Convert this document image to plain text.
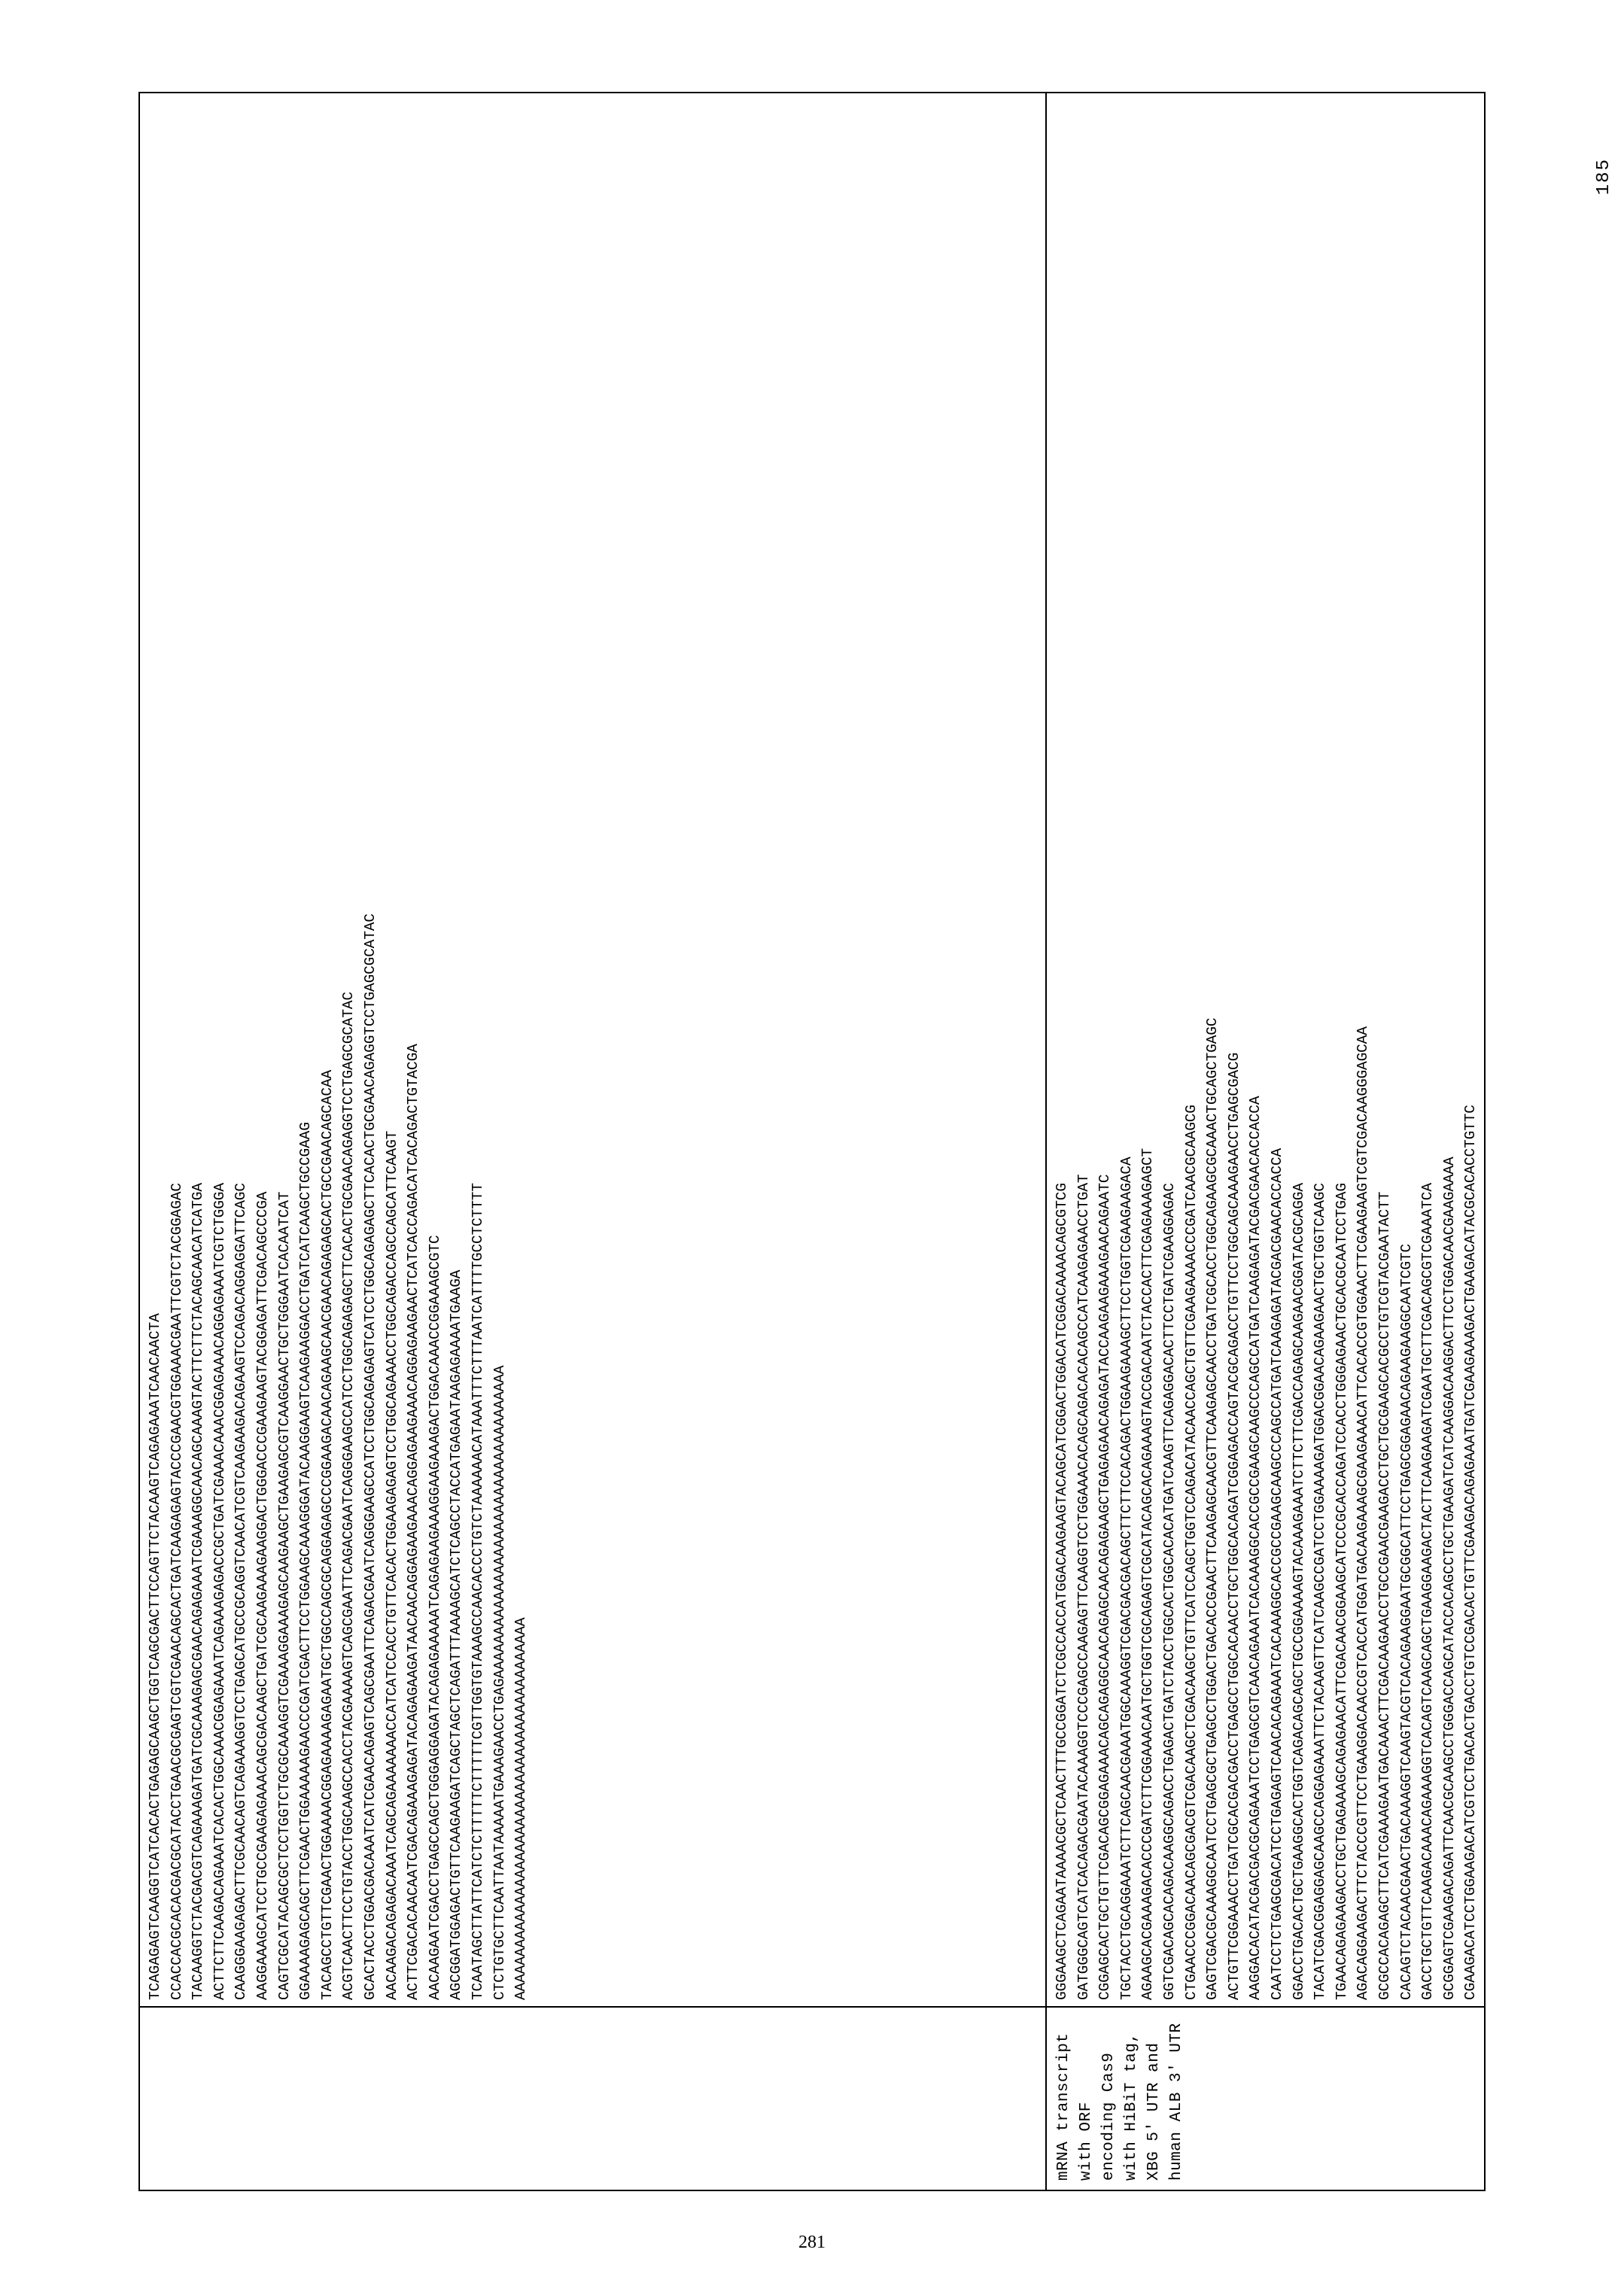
TCAGAGAGTCAAGGTCATCACACTGAGAGCAAGCTGGTCAGCGACTTCCAGTTCTACAAGTCAGAGAAATCAACAACTA CCACCACGCACACGACGCATACCTGAACGCGAGTCGTCGAACAGCACTGATCAAGAGAGTACCCGAACGTGGAAACGAATTCGTCTACGGAGAC TACAAGGTCTACGACGTCAGAAAGATGATCGCAAAGAGCGAACAGAGAAATCGAAAGGCAACAGCAAAGTACTTCTTCTACAGCAACATCATGA ACTTCTTCAAGACAGAAATCACACTGGCAAACGGAGAAATCAGAAAGAGACCGCTGATCGAAACAAACGGAGAAACAGGAGAAATCGTCTGGGA CAAGGGAAGAGACTTCGCAACAGTCAGAAAGGTCCTGAGCATGCCGCAGGTCAACATCGTCAAGAAGACAGAAGTCCAGACAGGAGGATTCAGC AAGGAAAGCATCCTGCCGAAGAGAAACAGCGACAAGCTGATCGCAAGAAAGAAGGACTGGGACCCGAAGAAGTACGGAGATTCGACAGCCCGA CAGTCGCATACAGCGCTCCTGGTCTGCGCAAAGGTCGAAAGGAAAGAGCAAGAAGCTGAAGAGCGTCAAGGAACTGCTGGGAATCACAATCAT GGAAAAGAGCAGCTTCGAACTGGAAAAAGAACCCGATCGACTTCCTGGAAGCAAAGGGATACAAGGAAGTCAAGAAGGACCTGATCATCAAGCTGCCGAAG TACAGCCTGTTCGAACTGGAAAACGGAGAAAAGAGAATGCTGGCCAGCGCAGGAGAGCCCGGAAGACAACAGAAGCAACGAACAGAGAGCACTGCCGAACAGCACAA ACGTCAACTTCCTGTACCTGGCAAGCCACCTACGAAAAGTCAGCGAATTCAGACGAATCAGGGAAGCCATCCTGGCAGAGAGCTTCACACTGCGAACAGAGGTCCTGAGCGCATAC GCACTACCTGGACGACAAATCATCGAACAGAGTCAGCGAATTCAGACGAATCAGGGAAGCCATCCTGGCAGAGAGTCATCCTGGCAGAGAGCTTCACACTGCGAACAGAGGTCCTGAGCGCATAC AACAAGACAGAGACAAATCAGCAGAAAAAAACCATCATCCACCTGTTCACACTGGAAGAGAGTCCTGGCAGAAACCTGGCAGACCAGCCAGCATTCAAGT ACTTCGACACAACAATCGACAGAAAGAGATACAGAGAAGATAACAACAGGAGAAGAAACAGGAGAAGAAACAGGAGAAGAACTCATCACCAGACATCACAGACTGTACGA AACAAGAATCGACCTGAGCCAGCTGGGAGGAGATACAGAGAAAAATCAGAGAAGAAAGGAAGAAAGACTGGACAAACCGGAAAGCGTC AGCGGATGGAGACTGTTCAAGAAGATCAGCTAGCTCAGATTTAAAAGCATCTCAGCCTACCATGAGAATAAGAGAAAATGAAGA TCAATAGCTTATTCATCTCTTTTTCTTTTTCGTTGGTGTAAAGCCAACACCCTGTCTAAAAAACATAAATTTCTTTAATCATTTTGCCTCTTTT CTCTGTGCTTCAATTAATAAAAATGAAAGAACCTGAGAAAAAAAAAAAAAAAAAAAAAAAAAAAAAAAAAAAA AAAAAAAAAAAAAAAAAAAAAAAAAAAAAAAAAAAAAAAAAAAA
mRNA transcript with ORF encoding Cas9 with HiBiT tag, XBG 5' UTR and human ALB 3' UTR
GGGAAGCTCAGAATAAAACGCTCAACTTTGCCGGATCTCGCCACCATGGACAAGAAGTACAGCATCGGACTGGACATCGGACAAAACAGCGTCG GATGGGCAGTCATCACAGACGAATACAAAGGTCCCGAGCCAAGAGTTCAAGGTCCTGGAAACACAGCAGACACACAGCCATCAAGAGAACCTGAT CGGAGCACTGCTGTTCGACAGCGGAGAAACAGCAGAGGCAACAGAGCAACAGAGAAGCTGAGAGAACAGAGATACCAAGAAGAAAGAACAGAATC TGCTACCTGCAGGAAATCTTCAGCAACGAAATGGCAAAGGTCGACGACGACAGCTTCTTCCACAGACTGGAAGAAAGCTTCCTGGTCGAAGAAGACA AGAAGCACGAAAGACACCCGATCTTCGGAAACAATGCTGGTCGCAGAGTCGCATACAGCACAGAAAGTACCGACAATCTACCACTTCGAGAAAGAGCT GGTCGACAGCACAGACAAGGCAGACCTGAGACTGATCTACCTGGCACTGGCACACATGATCAAGTTCAGAGGACACTTCCTGATCGAAGGAGAC CTGAACCCGGACAACAGCGACGTCGACAAGCTCGACAAGCTGTTCATCCAGCTGGTCCAGACATACAACCAGCTGTTCGAAGAAAACCCGATCAACGCAAGCG GAGTCGACGCAAAGGCAATCCTGAGCGCTGAGCCTGGACTGACACCGAACTTCAAGAGCAACGTTCAAGAGCAACCTGATCGCACCTGGCAGAAGCGCAAACTGCAGCTGAGC ACTGTTCGGAAACCTGATCGCACGACGACCTGAGCCTGGCACAACCTGCTGGCACAGATCGGAGACCAGTACGCAGACCTGTTCCTGGCAGCAAAGAACCTGAGCGACG AAGGACACATACGACGACGCAGAAATCCTGAGCGTCAACAGAAATCACAAAGGCACCGCCGAAGCAAGCCCAGCCATGATCAAGAGATACGACGAACACCACCA CAATCCTCTGAGCGACATCCTGAGAGTCAACACAGAAATCACAAAGGCACCGCCGAAGCAAGCCCAGCCATGATCAAGAGATACGACGAACACCACCA GGACCTGACACTGCTGAAGGCACTGGTCAGACAGCAGCTGCCGGAAAAGTACAAAGAAATCTTCTTCGACCAGAGCAAGAACGGATACGCAGGA TACATCGACGGAGGAGCAAGCCAGGAGAAATTCTACAAGTTCATCAAGCCGATCCTGGAAAAGATGGACGGAACAGAAGAACTGCTGGTCAAGC TGAACAGAGAAGACCTGCTGAGAAAGCAGAGAACATTCGACAACGGAAGCATCCCGCACCAGATCCACCTGGGAGAACTGCACGCAATCCTGAG AGACAGGAAGACTTCTACCCGTTCCTGAAGGACAACCGTCACCATGGATGACAAGAAAGCGAAGAAACATTCACACCGTGGAACTTCGAAGAAGTCGTCGACAAGGGAGCAA GCGCCACAGAGCTTCATCGAAAGAATGACAAACTTCGACAAGAACCTGCCGAACGAAGACCTGCTGCGAAGCACGCCTGTCGTACGAATACTT CACAGTCTACAACGAACTGACAAAGGTCAAGTACGTCACAGAAGGAATGCGGCATTCCTGAGCGGAGAACAGAAGAAGGCAATCGTC GACCTGCTGTTCAAGACAAACAGAAAGGTCACAGTCAAGCAGCTGAAGGAAGACTACTTCAAGAAGATCGAATGCTTCGACAGCGTCGAAATCA GCGGAGTCGAAGACAGATTCAACGCAAGCCTGGGACCAGCATACCACAGCCTGCTGAAGATCATCAAGGACAAGGACTTCCTGGACAACGAAGAAAA CGAAGACATCCTGGAAGACATCGTCCTGACACTGACCTGTCCGACACTGTTCGAAGACAGAGAAATGATCGAAGAAAGACTGAAGACATACGCACACCTGTTC
185
281
